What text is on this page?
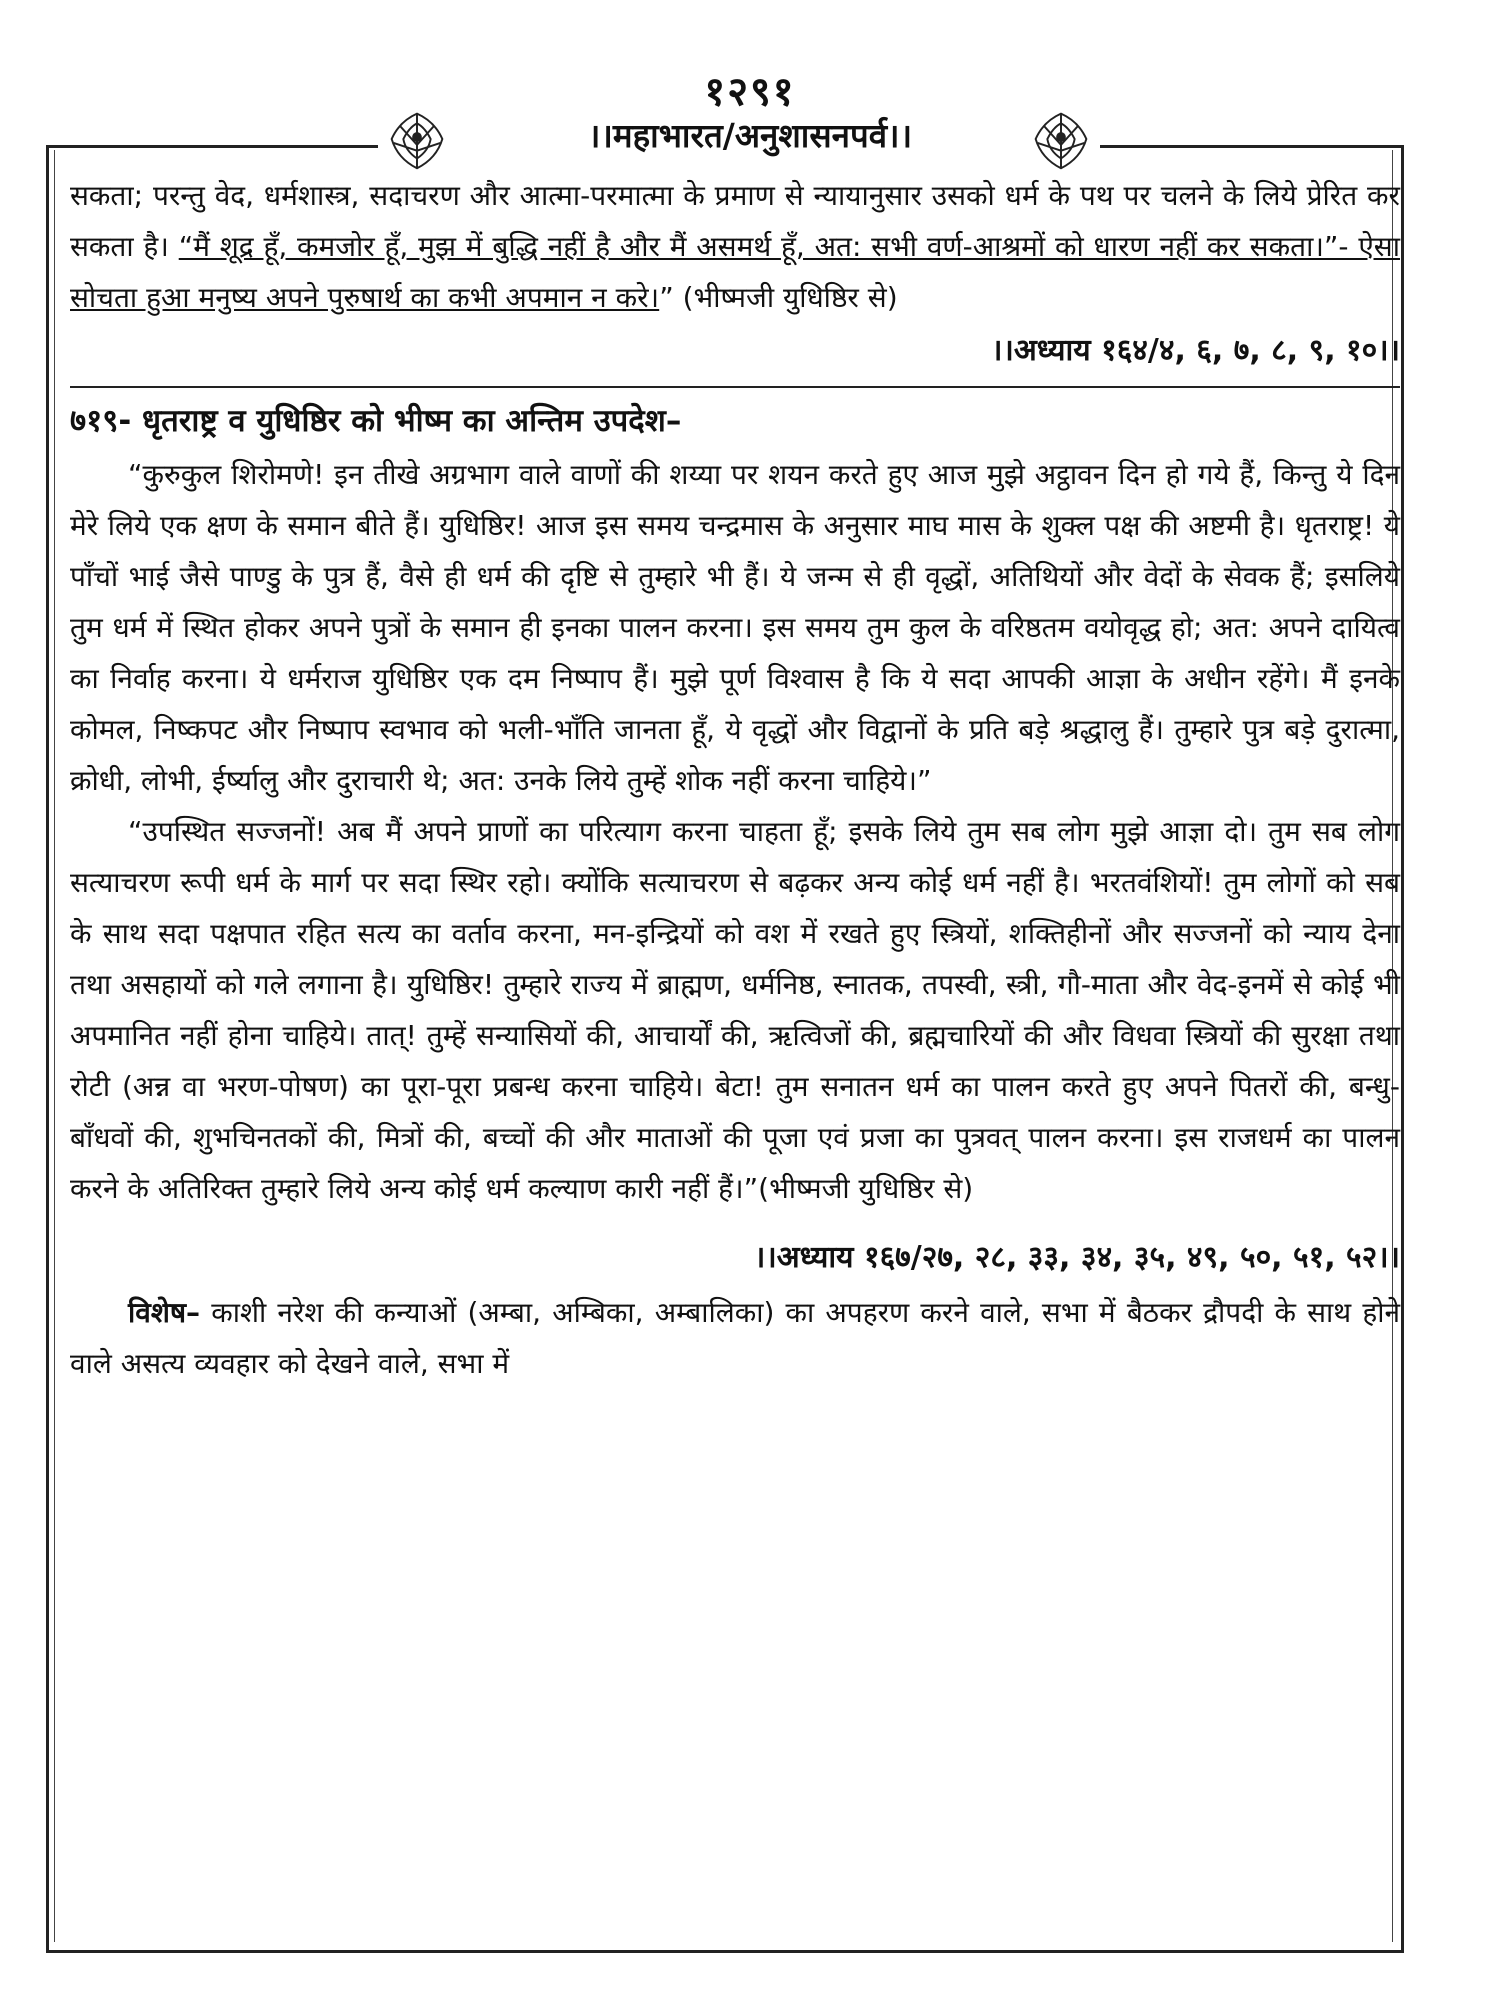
१२९१
।।महाभारत/अनुशासनपर्व।।

सकता; परन्तु वेद, धर्मशास्त्र, सदाचरण और आत्मा-परमात्मा के प्रमाण से न्यायानुसार उसको धर्म के पथ पर चलने के लिये प्रेरित कर सकता है। “मैं शूद्र हूँ, कमजोर हूँ, मुझ में बुद्धि नहीं है और मैं असमर्थ हूँ, अत: सभी वर्ण-आश्रमों को धारण नहीं कर सकता।”- ऐसा सोचता हुआ मनुष्य अपने पुरुषार्थ का कभी अपमान न करे।” (भीष्मजी युधिष्ठिर से)

।।अध्याय १६४/४, ६, ७, ८, ९, १०।।
७१९- धृतराष्ट्र व युधिष्ठिर को भीष्म का अन्तिम उपदेश–

“कुरुकुल शिरोमणे! इन तीखे अग्रभाग वाले वाणों की शय्या पर शयन करते हुए आज मुझे अट्ठावन दिन हो गये हैं, किन्तु ये दिन मेरे लिये एक क्षण के समान बीते हैं। युधिष्ठिर! आज इस समय चन्द्रमास के अनुसार माघ मास के शुक्ल पक्ष की अष्टमी है। धृतराष्ट्र! ये पाँचों भाई जैसे पाण्डु के पुत्र हैं, वैसे ही धर्म की दृष्टि से तुम्हारे भी हैं। ये जन्म से ही वृद्धों, अतिथियों और वेदों के सेवक हैं; इसलिये तुम धर्म में स्थित होकर अपने पुत्रों के समान ही इनका पालन करना। इस समय तुम कुल के वरिष्ठतम वयोवृद्ध हो; अत: अपने दायित्व का निर्वाह करना। ये धर्मराज युधिष्ठिर एक दम निष्पाप हैं। मुझे पूर्ण विश्वास है कि ये सदा आपकी आज्ञा के अधीन रहेंगे। मैं इनके कोमल, निष्कपट और निष्पाप स्वभाव को भली-भाँति जानता हूँ, ये वृद्धों और विद्वानों के प्रति बड़े श्रद्धालु हैं। तुम्हारे पुत्र बड़े दुरात्मा, क्रोधी, लोभी, ईर्ष्यालु और दुराचारी थे; अत: उनके लिये तुम्हें शोक नहीं करना चाहिये।”

“उपस्थित सज्जनों! अब मैं अपने प्राणों का परित्याग करना चाहता हूँ; इसके लिये तुम सब लोग मुझे आज्ञा दो। तुम सब लोग सत्याचरण रूपी धर्म के मार्ग पर सदा स्थिर रहो। क्योंकि सत्याचरण से बढ़कर अन्य कोई धर्म नहीं है। भरतवंशियों! तुम लोगों को सब के साथ सदा पक्षपात रहित सत्य का वर्ताव करना, मन-इन्द्रियों को वश में रखते हुए स्त्रियों, शक्तिहीनों और सज्जनों को न्याय देना तथा असहायों को गले लगाना है। युधिष्ठिर! तुम्हारे राज्य में ब्राह्मण, धर्मनिष्ठ, स्नातक, तपस्वी, स्त्री, गौ-माता और वेद-इनमें से कोई भी अपमानित नहीं होना चाहिये। तात्! तुम्हें सन्यासियों की, आचार्यों की, ऋत्विजों की, ब्रह्मचारियों की और विधवा स्त्रियों की सुरक्षा तथा रोटी (अन्न वा भरण-पोषण) का पूरा-पूरा प्रबन्ध करना चाहिये। बेटा! तुम सनातन धर्म का पालन करते हुए अपने पितरों की, बन्धु-बाँधवों की, शुभचिनतकों की, मित्रों की, बच्चों की और माताओं की पूजा एवं प्रजा का पुत्रवत् पालन करना। इस राजधर्म का पालन करने के अतिरिक्त तुम्हारे लिये अन्य कोई धर्म कल्याण कारी नहीं हैं।”(भीष्मजी युधिष्ठिर से)

।।अध्याय १६७/२७, २८, ३३, ३४, ३५, ४९, ५०, ५१, ५२।।

विशेष– काशी नरेश की कन्याओं (अम्बा, अम्बिका, अम्बालिका) का अपहरण करने वाले, सभा में बैठकर द्रौपदी के साथ होने वाले असत्य व्यवहार को देखने वाले, सभा में
